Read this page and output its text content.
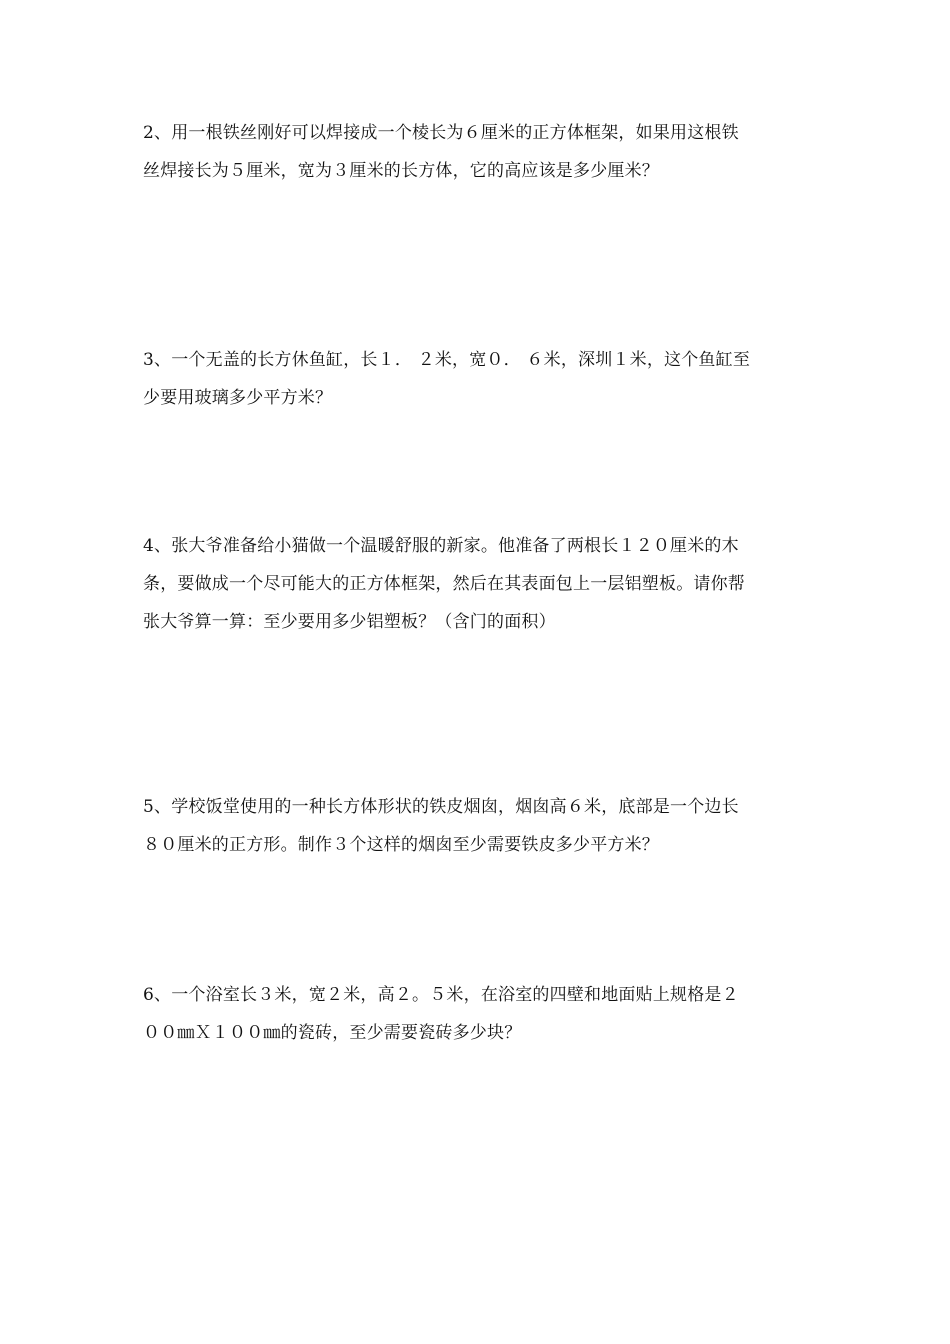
2、用一根铁丝刚好可以焊接成一个棱长为６厘米的正方体框架，如果用这根铁

丝焊接长为５厘米，宽为３厘米的长方体，它的高应该是多少厘米？

3、一个无盖的长方休鱼缸，长１． ２米，宽０． ６米，深圳１米，这个鱼缸至

少要用玻璃多少平方米？

4、张大爷准备给小猫做一个温暖舒服的新家。他准备了两根长１２０厘米的木

条，要做成一个尽可能大的正方体框架，然后在其表面包上一层铝塑板。请你帮

张大爷算一算：至少要用多少铝塑板？（含门的面积）

5、学校饭堂使用的一种长方体形状的铁皮烟囱，烟囱高６米，底部是一个边长

８０厘米的正方形。制作３个这样的烟囱至少需要铁皮多少平方米？

6、一个浴室长３米，宽２米，高２。５米，在浴室的四壁和地面贴上规格是２

００㎜Ｘ１００㎜的瓷砖，至少需要瓷砖多少块？
